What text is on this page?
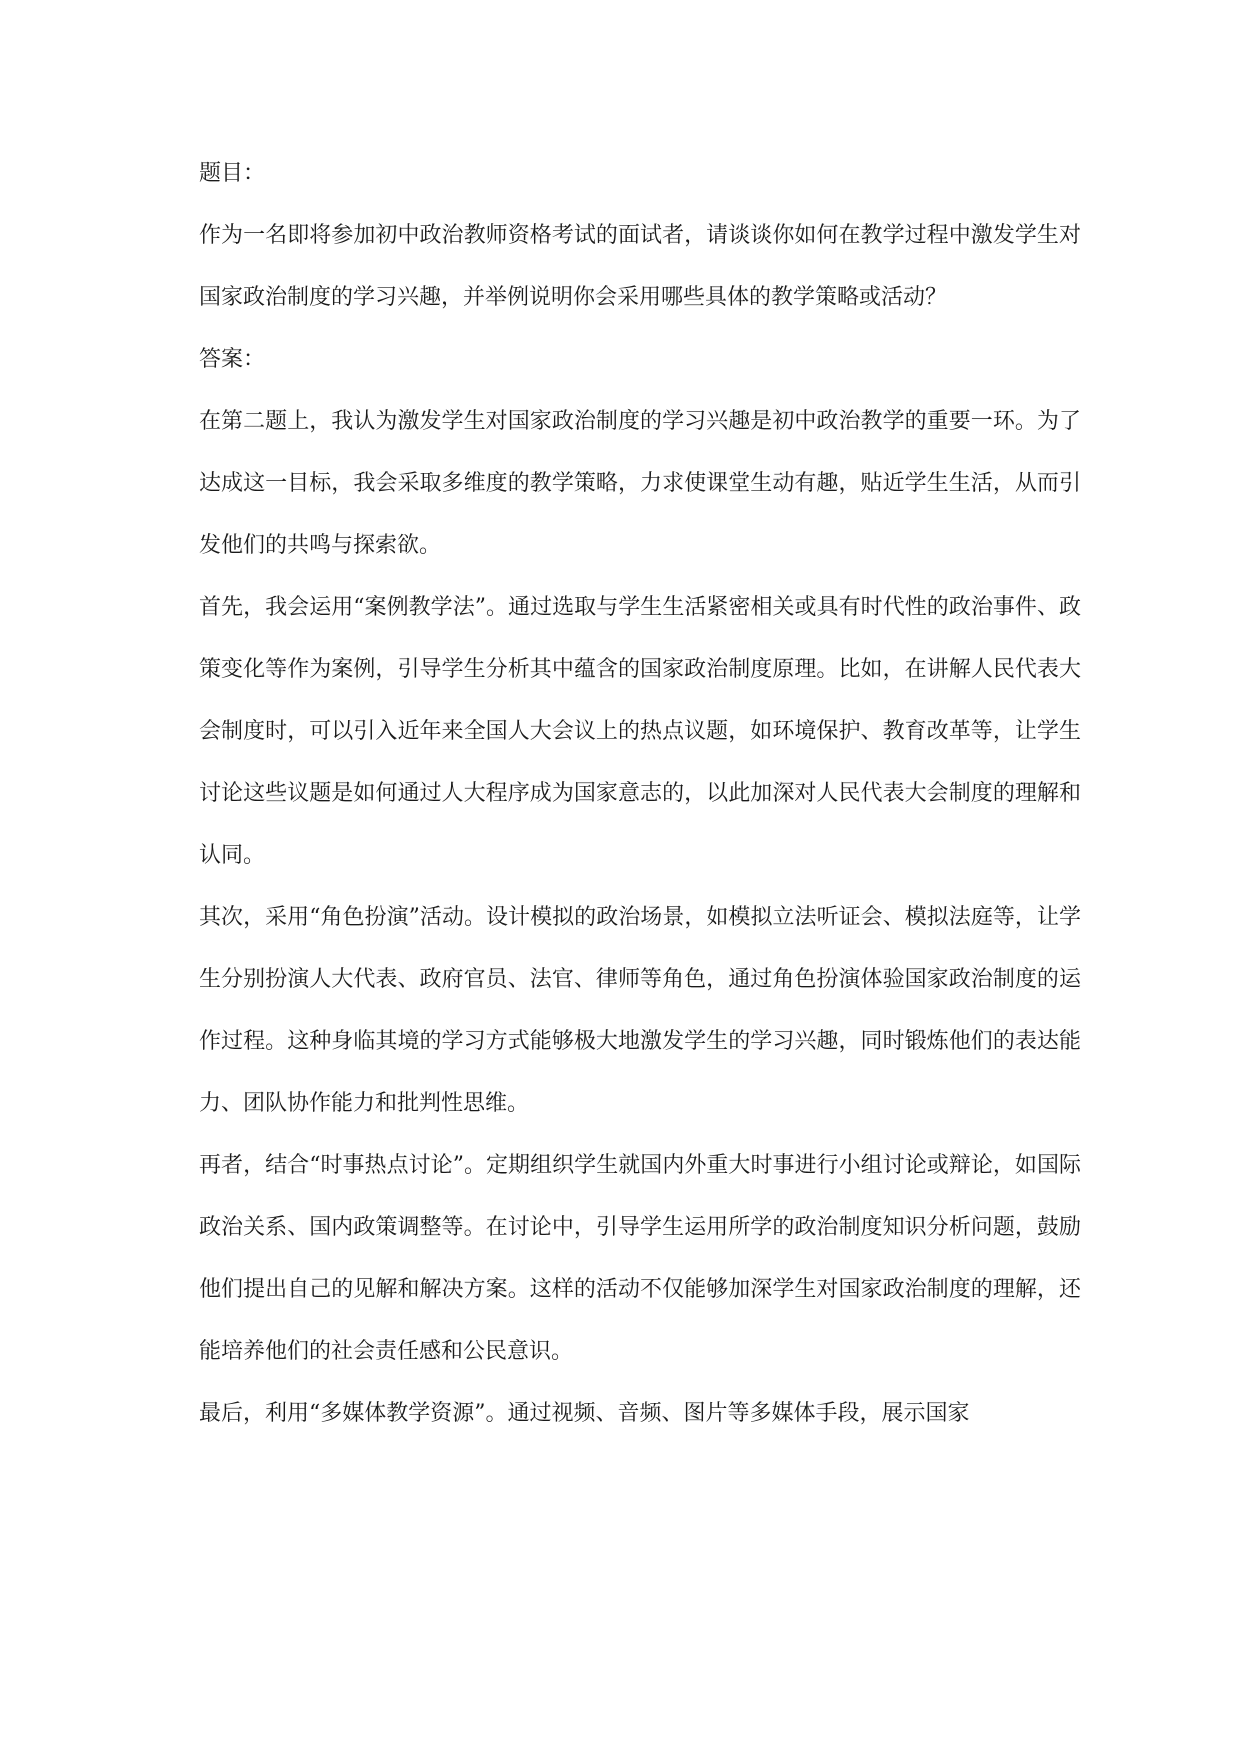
题目：

作为一名即将参加初中政治教师资格考试的面试者，请谈谈你如何在教学过程中激发学生对国家政治制度的学习兴趣，并举例说明你会采用哪些具体的教学策略或活动？

答案：

在第二题上，我认为激发学生对国家政治制度的学习兴趣是初中政治教学的重要一环。为了达成这一目标，我会采取多维度的教学策略，力求使课堂生动有趣，贴近学生生活，从而引发他们的共鸣与探索欲。

首先，我会运用“案例教学法”。通过选取与学生生活紧密相关或具有时代性的政治事件、政策变化等作为案例，引导学生分析其中蕴含的国家政治制度原理。比如，在讲解人民代表大会制度时，可以引入近年来全国人大会议上的热点议题，如环境保护、教育改革等，让学生讨论这些议题是如何通过人大程序成为国家意志的，以此加深对人民代表大会制度的理解和认同。

其次，采用“角色扮演”活动。设计模拟的政治场景，如模拟立法听证会、模拟法庭等，让学生分别扮演人大代表、政府官员、法官、律师等角色，通过角色扮演体验国家政治制度的运作过程。这种身临其境的学习方式能够极大地激发学生的学习兴趣，同时锻炼他们的表达能力、团队协作能力和批判性思维。

再者，结合“时事热点讨论”。定期组织学生就国内外重大时事进行小组讨论或辩论，如国际政治关系、国内政策调整等。在讨论中，引导学生运用所学的政治制度知识分析问题，鼓励他们提出自己的见解和解决方案。这样的活动不仅能够加深学生对国家政治制度的理解，还能培养他们的社会责任感和公民意识。

最后，利用“多媒体教学资源”。通过视频、音频、图片等多媒体手段，展示国家
